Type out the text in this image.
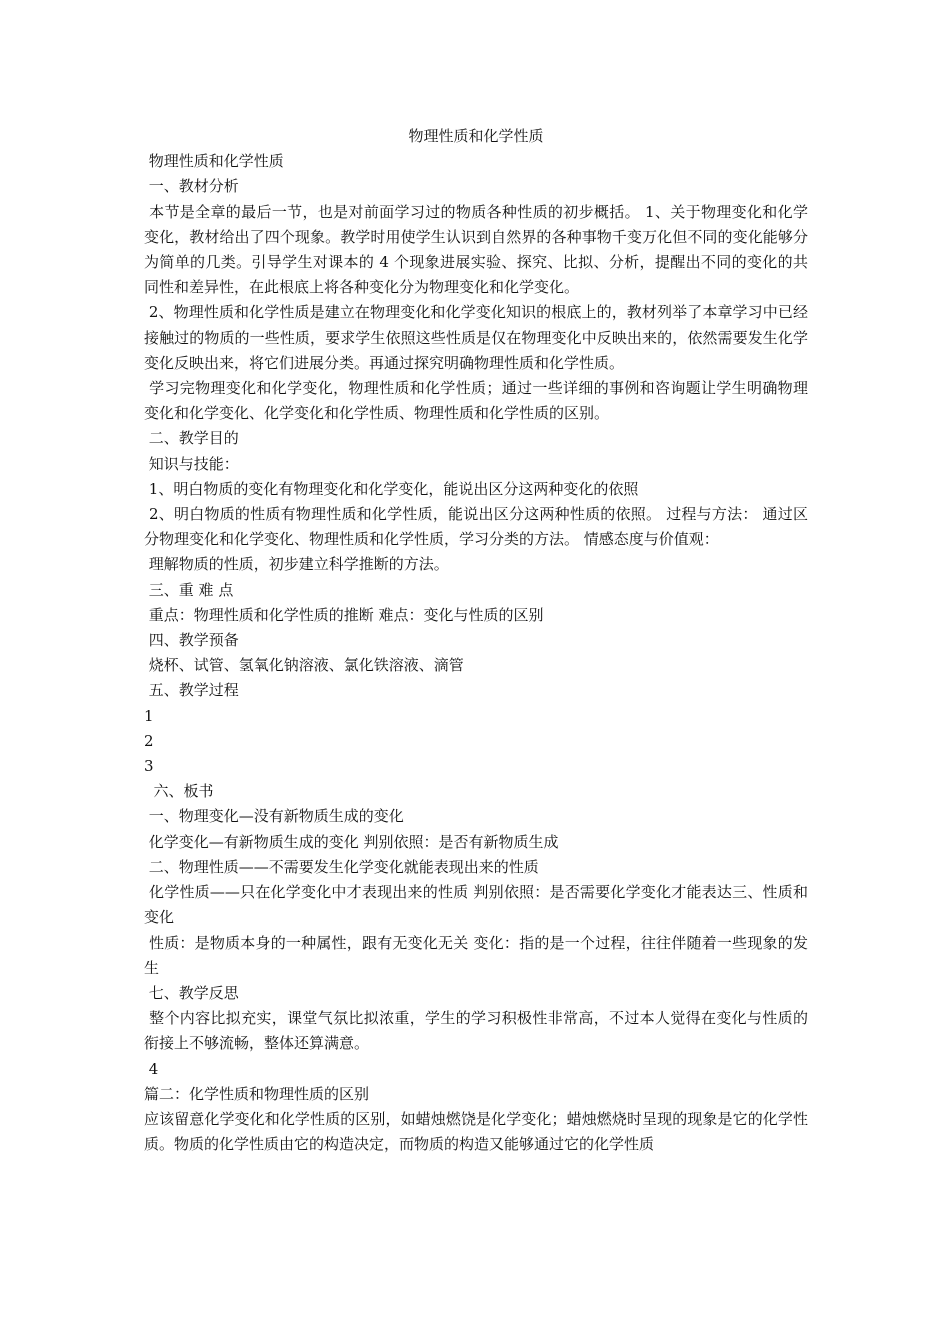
物理性质和化学性质
物理性质和化学性质
一、教材分析
本节是全章的最后一节，也是对前面学习过的物质各种性质的初步概括。 1、关于物理变化和化学变化，教材给出了四个现象。教学时用使学生认识到自然界的各种事物千变万化但不同的变化能够分为简单的几类。引导学生对课本的 4 个现象进展实验、探究、比拟、分析，提醒出不同的变化的共同性和差异性，在此根底上将各种变化分为物理变化和化学变化。
2、物理性质和化学性质是建立在物理变化和化学变化知识的根底上的，教材列举了本章学习中已经接触过的物质的一些性质，要求学生依照这些性质是仅在物理变化中反映出来的，依然需要发生化学变化反映出来，将它们进展分类。再通过探究明确物理性质和化学性质。
学习完物理变化和化学变化，物理性质和化学性质；通过一些详细的事例和咨询题让学生明确物理变化和化学变化、化学变化和化学性质、物理性质和化学性质的区别。
二、教学目的
知识与技能：
1、明白物质的变化有物理变化和化学变化，能说出区分这两种变化的依照
2、明白物质的性质有物理性质和化学性质，能说出区分这两种性质的依照。 过程与方法： 通过区分物理变化和化学变化、物理性质和化学性质，学习分类的方法。 情感态度与价值观：
理解物质的性质，初步建立科学推断的方法。
三、重 难 点
重点：物理性质和化学性质的推断 难点：变化与性质的区别
四、教学预备
烧杯、试管、氢氧化钠溶液、氯化铁溶液、滴管
五、教学过程
1
2
3
六、板书
一、物理变化—没有新物质生成的变化
化学变化—有新物质生成的变化 判别依照：是否有新物质生成
二、物理性质——不需要发生化学变化就能表现出来的性质
化学性质——只在化学变化中才表现出来的性质 判别依照：是否需要化学变化才能表达三、性质和变化
性质：是物质本身的一种属性，跟有无变化无关 变化：指的是一个过程，往往伴随着一些现象的发生
七、教学反思
整个内容比拟充实，课堂气氛比拟浓重，学生的学习积极性非常高，不过本人觉得在变化与性质的衔接上不够流畅，整体还算满意。
4
篇二：化学性质和物理性质的区别
应该留意化学变化和化学性质的区别，如蜡烛燃饶是化学变化；蜡烛燃烧时呈现的现象是它的化学性质。物质的化学性质由它的构造决定，而物质的构造又能够通过它的化学性质
